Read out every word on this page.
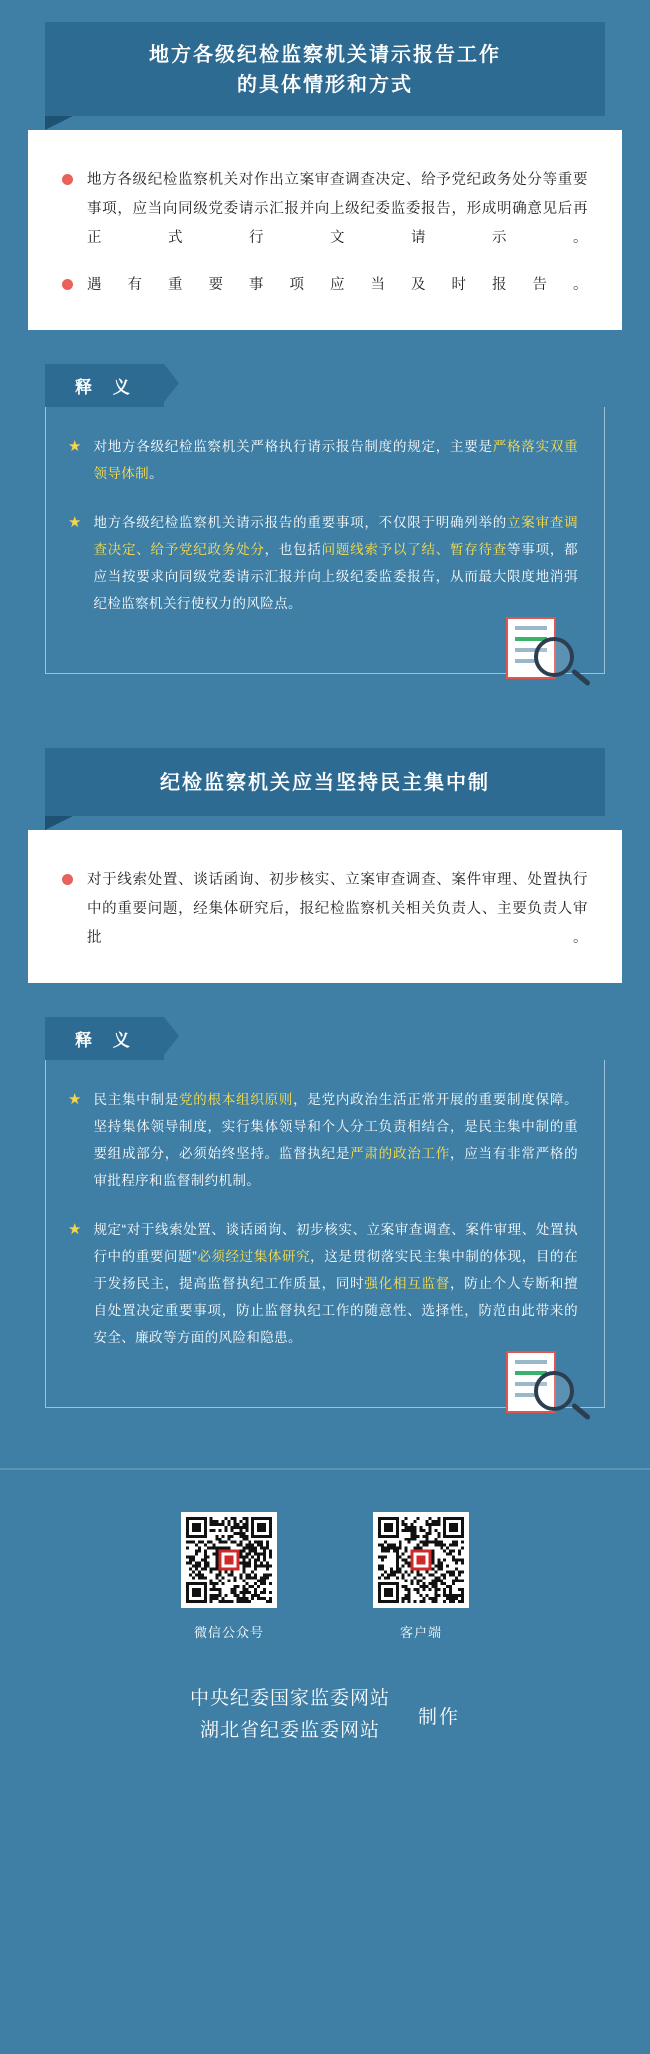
地方各级纪检监察机关请示报告工作
的具体情形和方式
地方各级纪检监察机关对作出立案审查调查决定、给予党纪政务处分等重要事项，应当向同级党委请示汇报并向上级纪委监委报告，形成明确意见后再正式行文请示。
遇有重要事项应当及时报告。
释 义
★ 对地方各级纪检监察机关严格执行请示报告制度的规定，主要是严格落实双重领导体制。
★ 地方各级纪检监察机关请示报告的重要事项，不仅限于明确列举的立案审查调查决定、给予党纪政务处分，也包括问题线索予以了结、暂存待查等事项，都应当按要求向同级党委请示汇报并向上级纪委监委报告，从而最大限度地消弭纪检监察机关行使权力的风险点。
纪检监察机关应当坚持民主集中制
对于线索处置、谈话函询、初步核实、立案审查调查、案件审理、处置执行中的重要问题，经集体研究后，报纪检监察机关相关负责人、主要负责人审批。
释 义
★ 民主集中制是党的根本组织原则，是党内政治生活正常开展的重要制度保障。坚持集体领导制度，实行集体领导和个人分工负责相结合，是民主集中制的重要组成部分，必须始终坚持。监督执纪是严肃的政治工作，应当有非常严格的审批程序和监督制约机制。
★ 规定“对于线索处置、谈话函询、初步核实、立案审查调查、案件审理、处置执行中的重要问题”必须经过集体研究，这是贯彻落实民主集中制的体现，目的在于发扬民主，提高监督执纪工作质量，同时强化相互监督，防止个人专断和擅自处置决定重要事项，防止监督执纪工作的随意性、选择性，防范由此带来的安全、廉政等方面的风险和隐患。
微信公众号	客户端
中央纪委国家监委网站
湖北省纪委监委网站
制作
